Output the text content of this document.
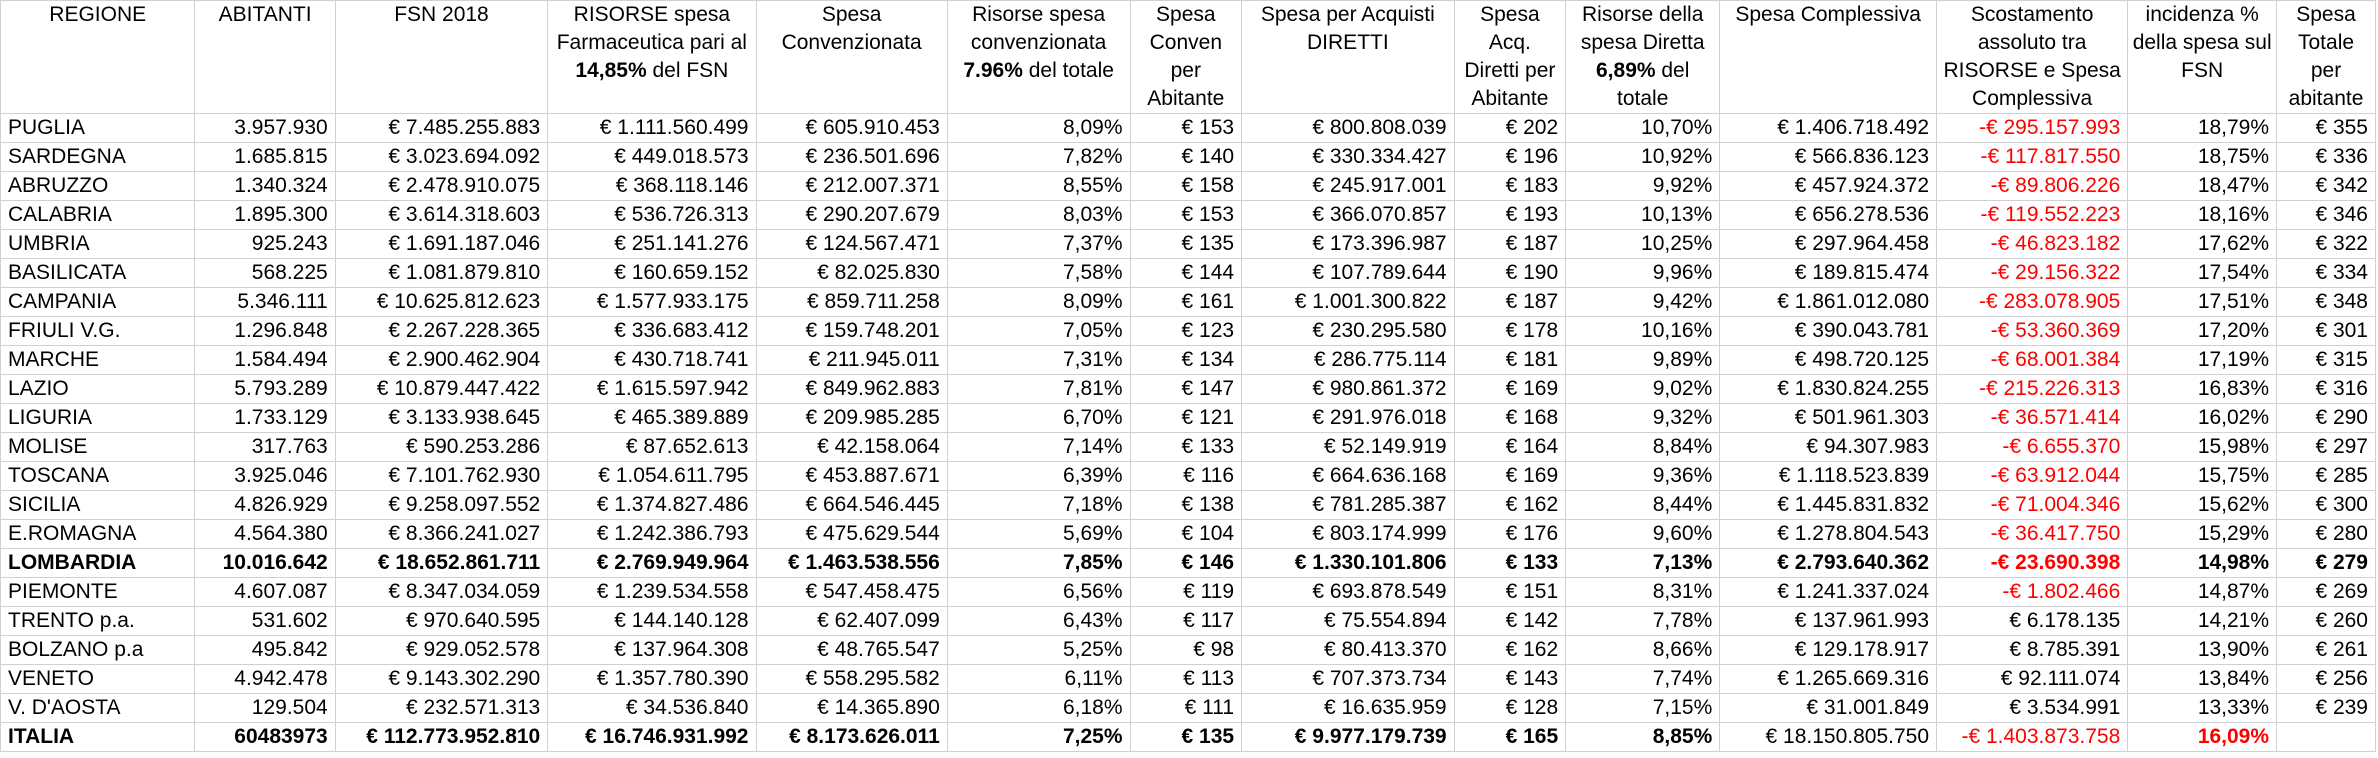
REGIONE	ABITANTI	FSN 2018	RISORSE spesa Farmaceutica pari al 14,85% del FSN	Spesa Convenzionata	Risorse spesa convenzionata 7.96% del totale	Spesa Conven per Abitante	Spesa per Acquisti DIRETTI	Spesa Acq. Diretti per Abitante	Risorse della spesa Diretta 6,89% del totale	Spesa Complessiva	Scostamento assoluto tra RISORSE e Spesa Complessiva	incidenza % della spesa sul FSN	Spesa Totale per abitante
PUGLIA	3.957.930	€ 7.485.255.883	€ 1.111.560.499	€ 605.910.453	8,09%	€ 153	€ 800.808.039	€ 202	10,70%	€ 1.406.718.492	-€ 295.157.993	18,79%	€ 355
SARDEGNA	1.685.815	€ 3.023.694.092	€ 449.018.573	€ 236.501.696	7,82%	€ 140	€ 330.334.427	€ 196	10,92%	€ 566.836.123	-€ 117.817.550	18,75%	€ 336
ABRUZZO	1.340.324	€ 2.478.910.075	€ 368.118.146	€ 212.007.371	8,55%	€ 158	€ 245.917.001	€ 183	9,92%	€ 457.924.372	-€ 89.806.226	18,47%	€ 342
CALABRIA	1.895.300	€ 3.614.318.603	€ 536.726.313	€ 290.207.679	8,03%	€ 153	€ 366.070.857	€ 193	10,13%	€ 656.278.536	-€ 119.552.223	18,16%	€ 346
UMBRIA	925.243	€ 1.691.187.046	€ 251.141.276	€ 124.567.471	7,37%	€ 135	€ 173.396.987	€ 187	10,25%	€ 297.964.458	-€ 46.823.182	17,62%	€ 322
BASILICATA	568.225	€ 1.081.879.810	€ 160.659.152	€ 82.025.830	7,58%	€ 144	€ 107.789.644	€ 190	9,96%	€ 189.815.474	-€ 29.156.322	17,54%	€ 334
CAMPANIA	5.346.111	€ 10.625.812.623	€ 1.577.933.175	€ 859.711.258	8,09%	€ 161	€ 1.001.300.822	€ 187	9,42%	€ 1.861.012.080	-€ 283.078.905	17,51%	€ 348
FRIULI V.G.	1.296.848	€ 2.267.228.365	€ 336.683.412	€ 159.748.201	7,05%	€ 123	€ 230.295.580	€ 178	10,16%	€ 390.043.781	-€ 53.360.369	17,20%	€ 301
MARCHE	1.584.494	€ 2.900.462.904	€ 430.718.741	€ 211.945.011	7,31%	€ 134	€ 286.775.114	€ 181	9,89%	€ 498.720.125	-€ 68.001.384	17,19%	€ 315
LAZIO	5.793.289	€ 10.879.447.422	€ 1.615.597.942	€ 849.962.883	7,81%	€ 147	€ 980.861.372	€ 169	9,02%	€ 1.830.824.255	-€ 215.226.313	16,83%	€ 316
LIGURIA	1.733.129	€ 3.133.938.645	€ 465.389.889	€ 209.985.285	6,70%	€ 121	€ 291.976.018	€ 168	9,32%	€ 501.961.303	-€ 36.571.414	16,02%	€ 290
MOLISE	317.763	€ 590.253.286	€ 87.652.613	€ 42.158.064	7,14%	€ 133	€ 52.149.919	€ 164	8,84%	€ 94.307.983	-€ 6.655.370	15,98%	€ 297
TOSCANA	3.925.046	€ 7.101.762.930	€ 1.054.611.795	€ 453.887.671	6,39%	€ 116	€ 664.636.168	€ 169	9,36%	€ 1.118.523.839	-€ 63.912.044	15,75%	€ 285
SICILIA	4.826.929	€ 9.258.097.552	€ 1.374.827.486	€ 664.546.445	7,18%	€ 138	€ 781.285.387	€ 162	8,44%	€ 1.445.831.832	-€ 71.004.346	15,62%	€ 300
E.ROMAGNA	4.564.380	€ 8.366.241.027	€ 1.242.386.793	€ 475.629.544	5,69%	€ 104	€ 803.174.999	€ 176	9,60%	€ 1.278.804.543	-€ 36.417.750	15,29%	€ 280
LOMBARDIA	10.016.642	€ 18.652.861.711	€ 2.769.949.964	€ 1.463.538.556	7,85%	€ 146	€ 1.330.101.806	€ 133	7,13%	€ 2.793.640.362	-€ 23.690.398	14,98%	€ 279
PIEMONTE	4.607.087	€ 8.347.034.059	€ 1.239.534.558	€ 547.458.475	6,56%	€ 119	€ 693.878.549	€ 151	8,31%	€ 1.241.337.024	-€ 1.802.466	14,87%	€ 269
TRENTO p.a.	531.602	€ 970.640.595	€ 144.140.128	€ 62.407.099	6,43%	€ 117	€ 75.554.894	€ 142	7,78%	€ 137.961.993	€ 6.178.135	14,21%	€ 260
BOLZANO p.a	495.842	€ 929.052.578	€ 137.964.308	€ 48.765.547	5,25%	€ 98	€ 80.413.370	€ 162	8,66%	€ 129.178.917	€ 8.785.391	13,90%	€ 261
VENETO	4.942.478	€ 9.143.302.290	€ 1.357.780.390	€ 558.295.582	6,11%	€ 113	€ 707.373.734	€ 143	7,74%	€ 1.265.669.316	€ 92.111.074	13,84%	€ 256
V. D'AOSTA	129.504	€ 232.571.313	€ 34.536.840	€ 14.365.890	6,18%	€ 111	€ 16.635.959	€ 128	7,15%	€ 31.001.849	€ 3.534.991	13,33%	€ 239
ITALIA	60483973	€ 112.773.952.810	€ 16.746.931.992	€ 8.173.626.011	7,25%	€ 135	€ 9.977.179.739	€ 165	8,85%	€ 18.150.805.750	-€ 1.403.873.758	16,09%	
